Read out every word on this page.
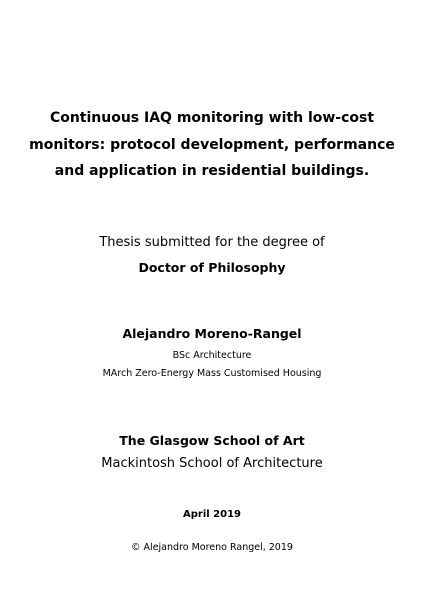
Continuous IAQ monitoring with low-cost
monitors: protocol development, performance
and application in residential buildings.
Thesis submitted for the degree of
Doctor of Philosophy
Alejandro Moreno-Rangel
BSc Architecture
MArch Zero-Energy Mass Customised Housing
The Glasgow School of Art
Mackintosh School of Architecture
April 2019
© Alejandro Moreno Rangel, 2019
